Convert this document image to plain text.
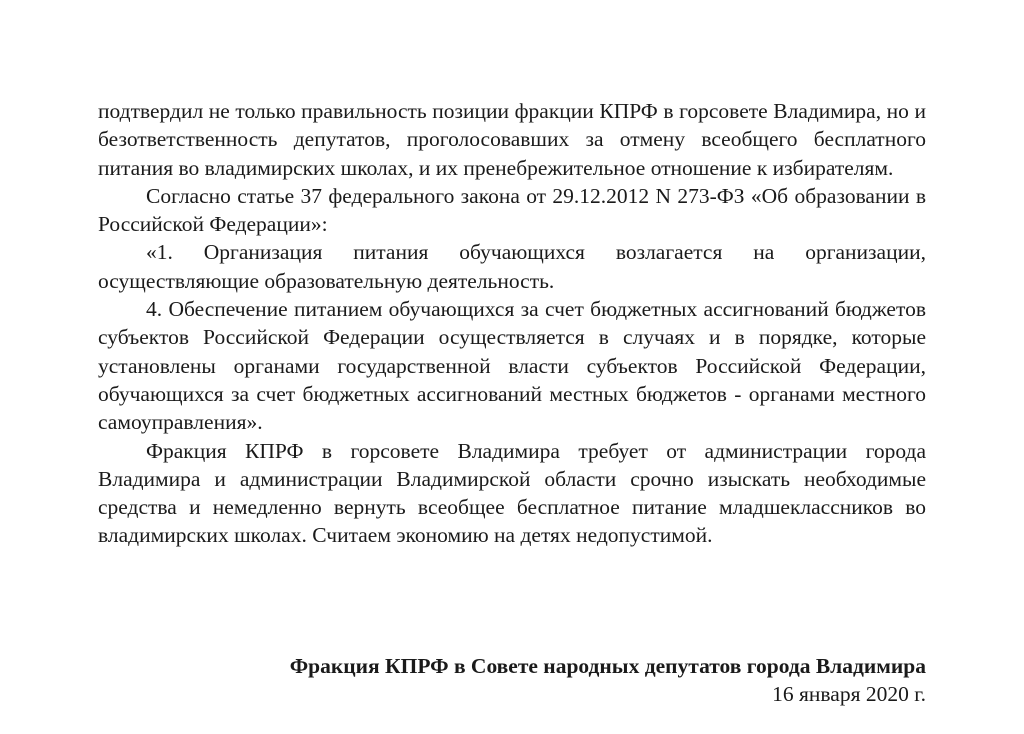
подтвердил не только правильность позиции фракции КПРФ в горсовете Владимира, но и безответственность депутатов, проголосовавших за отмену всеобщего бесплатного питания во владимирских школах, и их пренебрежительное отношение к избирателям.

Согласно статье 37 федерального закона от 29.12.2012 N 273-ФЗ «Об образовании в Российской Федерации»:

«1. Организация питания обучающихся возлагается на организации, осуществляющие образовательную деятельность.

4. Обеспечение питанием обучающихся за счет бюджетных ассигнований бюджетов субъектов Российской Федерации осуществляется в случаях и в порядке, которые установлены органами государственной власти субъектов Российской Федерации, обучающихся за счет бюджетных ассигнований местных бюджетов - органами местного самоуправления».

Фракция КПРФ в горсовете Владимира требует от администрации города Владимира и администрации Владимирской области срочно изыскать необходимые средства и немедленно вернуть всеобщее бесплатное питание младшеклассников во владимирских школах. Считаем экономию на детях недопустимой.

Фракция КПРФ в Совете народных депутатов города Владимира
16 января 2020 г.
